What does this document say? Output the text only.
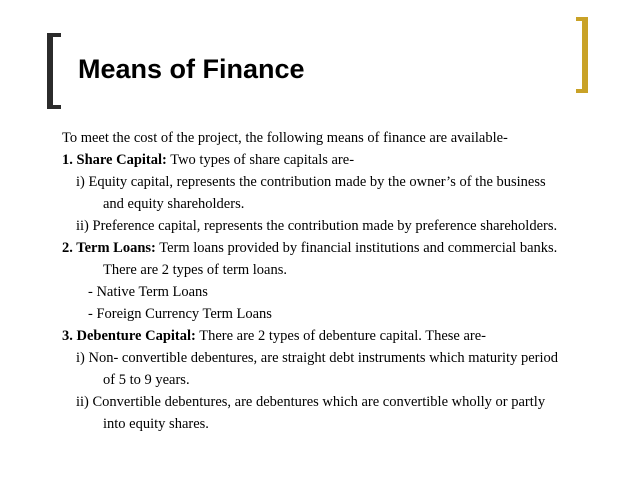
Means of Finance

To meet the cost of the project, the following means of finance are available-

1. Share Capital: Two types of share capitals are-

i) Equity capital, represents the contribution made by the owner’s of the business
and equity shareholders.

ii) Preference capital, represents the contribution made by preference shareholders.

2. Term Loans: Term loans provided by financial institutions and commercial banks.
There are 2 types of term loans.

- Native Term Loans

- Foreign Currency Term Loans

3. Debenture Capital: There are 2 types of debenture capital. These are-

i) Non- convertible debentures, are straight debt instruments which maturity period
of 5 to 9 years.

ii) Convertible debentures, are debentures which are convertible wholly or partly
into equity shares.
